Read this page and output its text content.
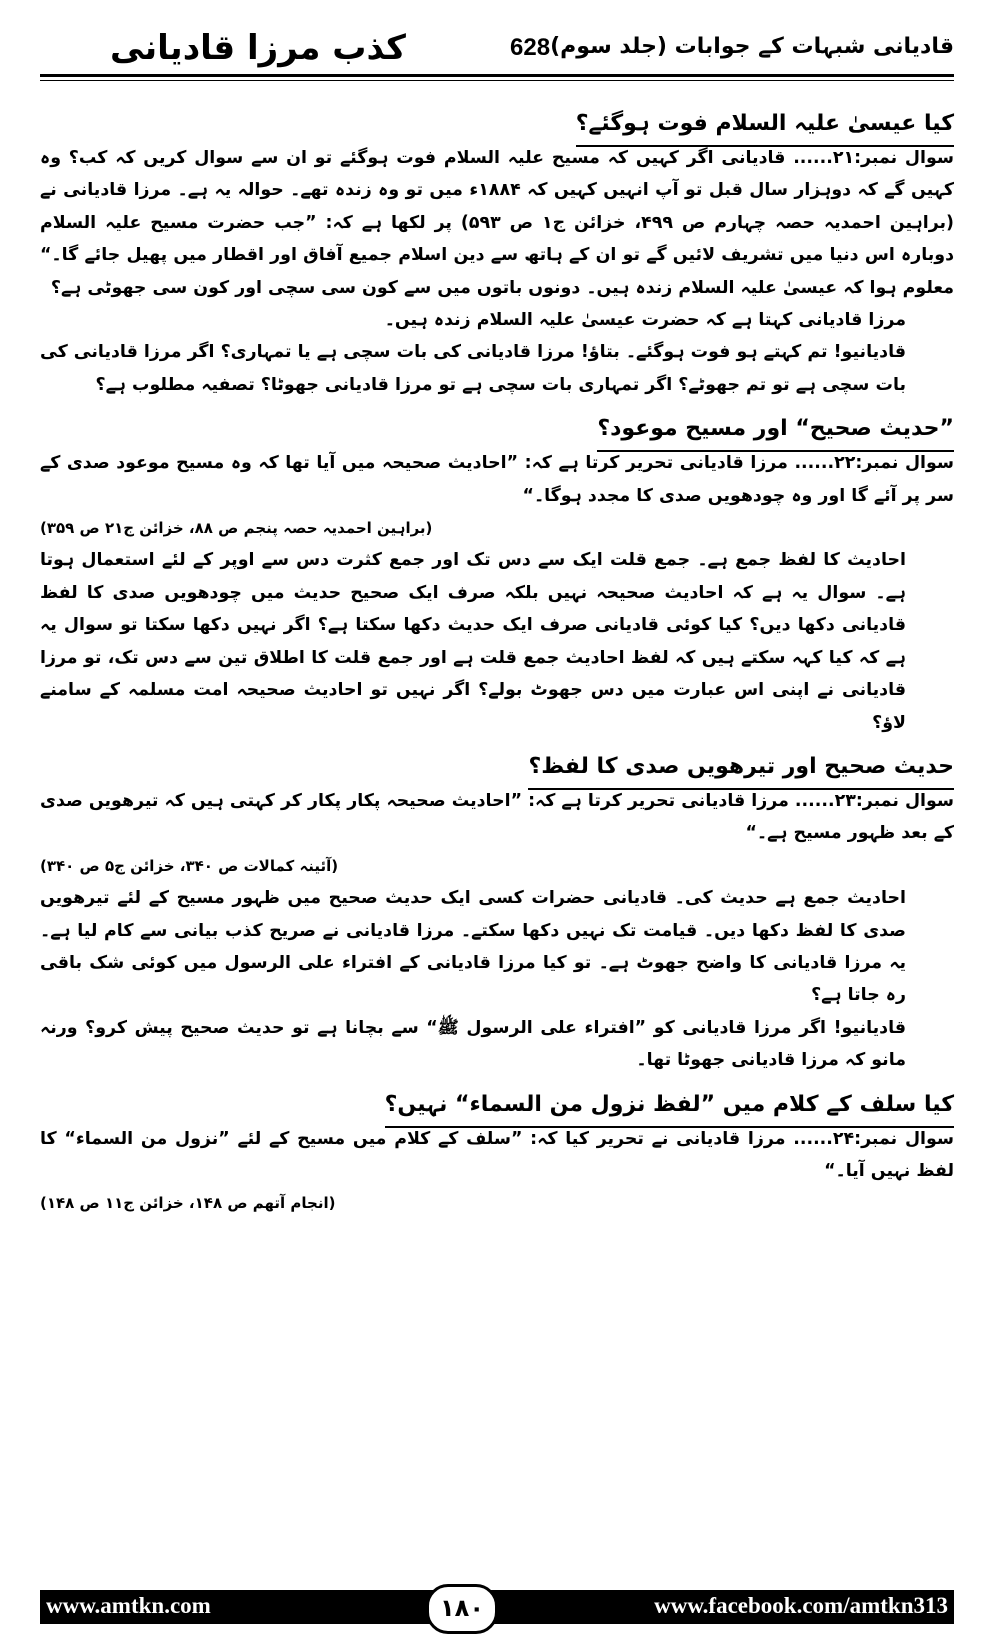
کذب مرزا قادیانی	628 قادیانی شبہات کے جوابات (جلد سوم)
کیا عیسیٰ علیہ السلام فوت ہوگئے؟

سوال نمبر:۲۱...... قادیانی اگر کہیں کہ مسیح علیہ السلام فوت ہوگئے تو ان سے سوال کریں کہ کب؟ وہ کہیں گے کہ دوہزار سال قبل تو آپ انہیں کہیں کہ ۱۸۸۴ء میں تو وہ زندہ تھے۔ حوالہ یہ ہے۔ مرزا قادیانی نے (براہین احمدیہ حصہ چہارم ص ۴۹۹، خزائن ج۱ ص ۵۹۳) پر لکھا ہے کہ: ”جب حضرت مسیح علیہ السلام دوبارہ اس دنیا میں تشریف لائیں گے تو ان کے ہاتھ سے دین اسلام جمیع آفاق اور اقطار میں پھیل جائے گا۔“ معلوم ہوا کہ عیسیٰ علیہ السلام زندہ ہیں۔ دونوں باتوں میں سے کون سی سچی اور کون سی جھوٹی ہے؟

مرزا قادیانی کہتا ہے کہ حضرت عیسیٰ علیہ السلام زندہ ہیں۔

قادیانیو! تم کہتے ہو فوت ہوگئے۔ بتاؤ! مرزا قادیانی کی بات سچی ہے یا تمہاری؟ اگر مرزا قادیانی کی بات سچی ہے تو تم جھوٹے؟ اگر تمہاری بات سچی ہے تو مرزا قادیانی جھوٹا؟ تصفیہ مطلوب ہے؟

”حدیث صحیح“ اور مسیح موعود؟

سوال نمبر:۲۲...... مرزا قادیانی تحریر کرتا ہے کہ: ”احادیث صحیحہ میں آیا تھا کہ وہ مسیح موعود صدی کے سر پر آئے گا اور وہ چودھویں صدی کا مجدد ہوگا۔“

(براہین احمدیہ حصہ پنجم ص ۸۸، خزائن ج۲۱ ص ۳۵۹)

احادیث کا لفظ جمع ہے۔ جمع قلت ایک سے دس تک اور جمع کثرت دس سے اوپر کے لئے استعمال ہوتا ہے۔ سوال یہ ہے کہ احادیث صحیحہ نہیں بلکہ صرف ایک صحیح حدیث میں چودھویں صدی کا لفظ قادیانی دکھا دیں؟ کیا کوئی قادیانی صرف ایک حدیث دکھا سکتا ہے؟ اگر نہیں دکھا سکتا تو سوال یہ ہے کہ کیا کہہ سکتے ہیں کہ لفظ احادیث جمع قلت ہے اور جمع قلت کا اطلاق تین سے دس تک، تو مرزا قادیانی نے اپنی اس عبارت میں دس جھوٹ بولے؟ اگر نہیں تو احادیث صحیحہ امت مسلمہ کے سامنے لاؤ؟

حدیث صحیح اور تیرھویں صدی کا لفظ؟

سوال نمبر:۲۳...... مرزا قادیانی تحریر کرتا ہے کہ: ”احادیث صحیحہ پکار پکار کر کہتی ہیں کہ تیرھویں صدی کے بعد ظہور مسیح ہے۔“

(آئینہ کمالات ص ۳۴۰، خزائن ج۵ ص ۳۴۰)

احادیث جمع ہے حدیث کی۔ قادیانی حضرات کسی ایک حدیث صحیح میں ظہور مسیح کے لئے تیرھویں صدی کا لفظ دکھا دیں۔ قیامت تک نہیں دکھا سکتے۔ مرزا قادیانی نے صریح کذب بیانی سے کام لیا ہے۔ یہ مرزا قادیانی کا واضح جھوٹ ہے۔ تو کیا مرزا قادیانی کے افتراء علی الرسول میں کوئی شک باقی رہ جاتا ہے؟

قادیانیو! اگر مرزا قادیانی کو ”افتراء علی الرسول ﷺ“ سے بچانا ہے تو حدیث صحیح پیش کرو؟ ورنہ مانو کہ مرزا قادیانی جھوٹا تھا۔

کیا سلف کے کلام میں ”لفظ نزول من السماء“ نہیں؟

سوال نمبر:۲۴...... مرزا قادیانی نے تحریر کیا کہ: ”سلف کے کلام میں مسیح کے لئے ”نزول من السماء“ کا لفظ نہیں آیا۔“

(انجام آتھم ص ۱۴۸، خزائن ج۱۱ ص ۱۴۸)

www.amtkn.com	۱۸۰	www.facebook.com/amtkn313
